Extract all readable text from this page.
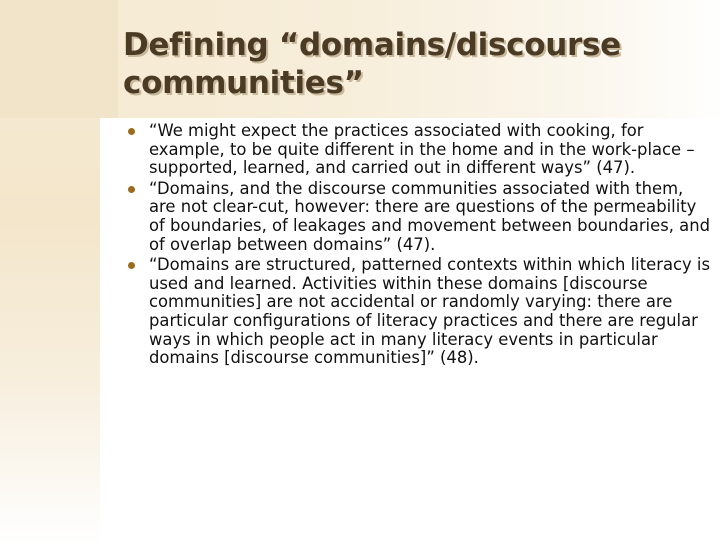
Defining “domains/discourse communities”
“We might expect the practices associated with cooking, for example, to be quite different in the home and in the work-place – supported, learned, and carried out in different ways” (47).
“Domains, and the discourse communities associated with them, are not clear-cut, however: there are questions of the permeability of boundaries, of leakages and movement between boundaries, and of overlap between domains” (47).
“Domains are structured, patterned contexts within which literacy is used and learned. Activities within these domains [discourse communities] are not accidental or randomly varying: there are particular configurations of literacy practices and there are regular ways in which people act in many literacy events in particular domains [discourse communities]” (48).
